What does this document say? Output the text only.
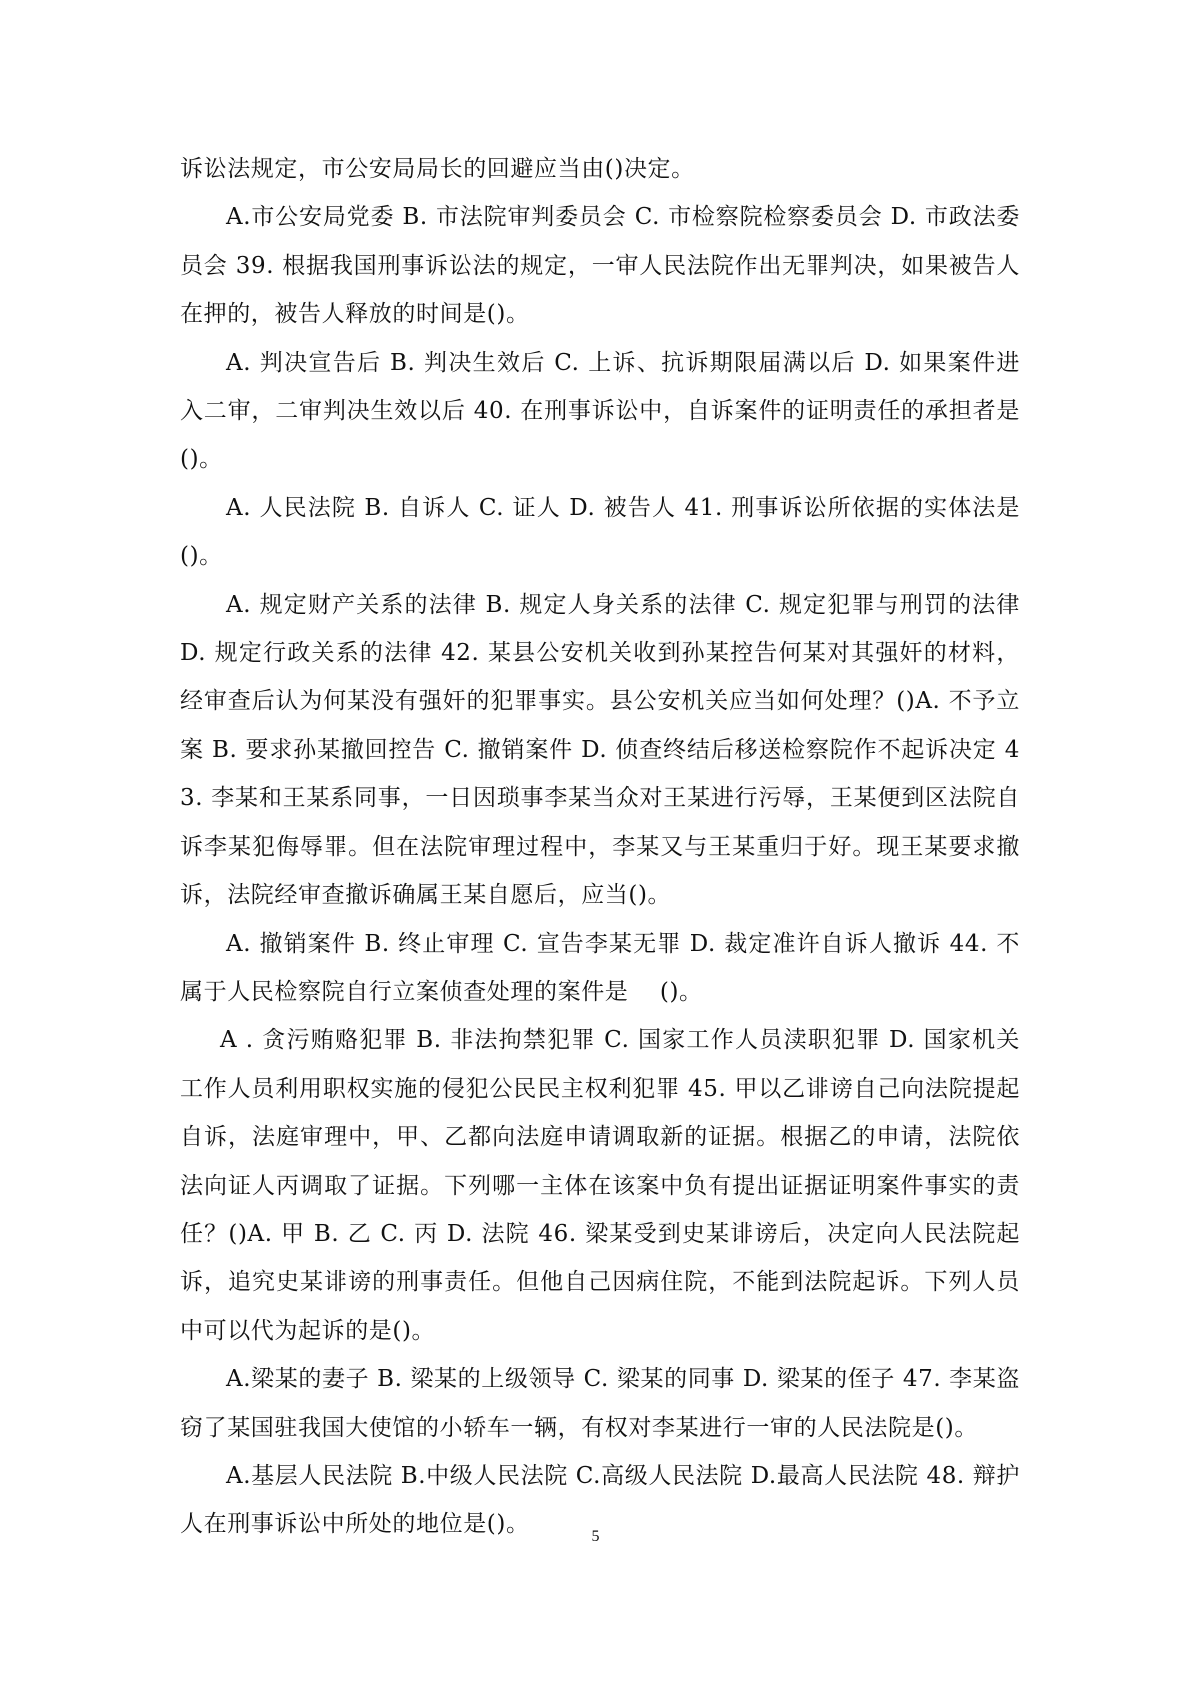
诉讼法规定，市公安局局长的回避应当由()决定。

A.市公安局党委 B. 市法院审判委员会 C. 市检察院检察委员会 D. 市政法委员会 39. 根据我国刑事诉讼法的规定，一审人民法院作出无罪判决，如果被告人在押的，被告人释放的时间是()。

A. 判决宣告后 B. 判决生效后 C. 上诉、抗诉期限届满以后 D. 如果案件进入二审，二审判决生效以后 40. 在刑事诉讼中，自诉案件的证明责任的承担者是()。

A. 人民法院 B. 自诉人 C. 证人 D. 被告人 41. 刑事诉讼所依据的实体法是()。

A. 规定财产关系的法律 B. 规定人身关系的法律 C. 规定犯罪与刑罚的法律 D. 规定行政关系的法律 42. 某县公安机关收到孙某控告何某对其强奸的材料，经审查后认为何某没有强奸的犯罪事实。县公安机关应当如何处理？()A. 不予立案 B. 要求孙某撤回控告 C. 撤销案件 D. 侦查终结后移送检察院作不起诉决定 43. 李某和王某系同事，一日因琐事李某当众对王某进行污辱，王某便到区法院自诉李某犯侮辱罪。但在法院审理过程中，李某又与王某重归于好。现王某要求撤诉，法院经审查撤诉确属王某自愿后，应当()。

A. 撤销案件 B. 终止审理 C. 宣告李某无罪 D. 裁定准许自诉人撤诉 44. 不属于人民检察院自行立案侦查处理的案件是　 ()。

A . 贪污贿赂犯罪 B. 非法拘禁犯罪 C. 国家工作人员渎职犯罪 D. 国家机关工作人员利用职权实施的侵犯公民民主权利犯罪 45. 甲以乙诽谤自己向法院提起自诉，法庭审理中，甲、乙都向法庭申请调取新的证据。根据乙的申请，法院依法向证人丙调取了证据。下列哪一主体在该案中负有提出证据证明案件事实的责任？()A. 甲 B. 乙 C. 丙 D. 法院 46. 梁某受到史某诽谤后，决定向人民法院起诉，追究史某诽谤的刑事责任。但他自己因病住院，不能到法院起诉。下列人员中可以代为起诉的是()。

A.梁某的妻子 B. 梁某的上级领导 C. 梁某的同事 D. 梁某的侄子 47. 李某盗窃了某国驻我国大使馆的小轿车一辆，有权对李某进行一审的人民法院是()。

A.基层人民法院 B.中级人民法院 C.高级人民法院 D.最高人民法院 48. 辩护人在刑事诉讼中所处的地位是()。	5
